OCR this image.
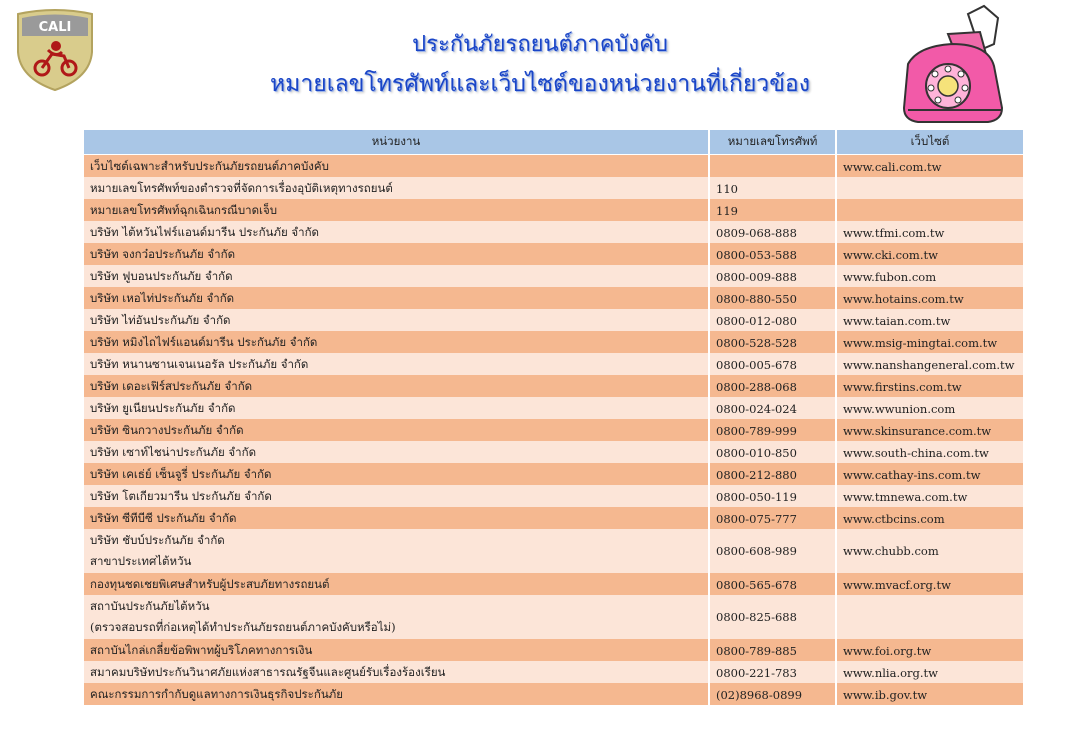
CALI
ประกันภัยรถยนต์ภาคบังคับ
หมายเลขโทรศัพท์และเว็บไซต์ของหน่วยงานที่เกี่ยวข้อง
หน่วยงาน	หมายเลขโทรศัพท์	เว็บไซต์

เว็บไซต์เฉพาะสำหรับประกันภัยรถยนต์ภาคบังคับ		www.cali.com.tw

หมายเลขโทรศัพท์ของตำรวจที่จัดการเรื่องอุบัติเหตุทางรถยนต์	110	

หมายเลขโทรศัพท์ฉุกเฉินกรณีบาดเจ็บ	119	

บริษัท ไต้หวันไฟร์แอนด์มารีน ประกันภัย จำกัด	0809-068-888	www.tfmi.com.tw

บริษัท จงกว๋อประกันภัย จำกัด	0800-053-588	www.cki.com.tw

บริษัท ฟูบอนประกันภัย จำกัด	0800-009-888	www.fubon.com

บริษัท เหอไท่ประกันภัย จำกัด	0800-880-550	www.hotains.com.tw

บริษัท ไท่อันประกันภัย จำกัด	0800-012-080	www.taian.com.tw

บริษัท หมิงไถไฟร์แอนด์มารีน ประกันภัย จำกัด	0800-528-528	www.msig-mingtai.com.tw

บริษัท หนานซานเจนเนอรัล ประกันภัย จำกัด	0800-005-678	www.nanshangeneral.com.tw

บริษัท เดอะเฟิร์สประกันภัย จำกัด	0800-288-068	www.firstins.com.tw

บริษัท ยูเนียนประกันภัย จำกัด	0800-024-024	www.wwunion.com

บริษัท ซินกวางประกันภัย จำกัด	0800-789-999	www.skinsurance.com.tw

บริษัท เซาท์ไชน่าประกันภัย จำกัด	0800-010-850	www.south-china.com.tw

บริษัท เคเธ่ย์ เซ็นจูรี่ ประกันภัย จำกัด	0800-212-880	www.cathay-ins.com.tw

บริษัท โตเกียวมารีน ประกันภัย จำกัด	0800-050-119	www.tmnewa.com.tw

บริษัท ซีทีบีซี ประกันภัย จำกัด	0800-075-777	www.ctbcins.com

บริษัท ชับบ์ประกันภัย จำกัด
สาขาประเทศไต้หวัน	0800-608-989	www.chubb.com

กองทุนชดเชยพิเศษสำหรับผู้ประสบภัยทางรถยนต์	0800-565-678	www.mvacf.org.tw

สถาบันประกันภัยไต้หวัน
(ตรวจสอบรถที่ก่อเหตุได้ทำประกันภัยรถยนต์ภาคบังคับหรือไม่)	0800-825-688	

สถาบันไกล่เกลี่ยข้อพิพาทผู้บริโภคทางการเงิน	0800-789-885	www.foi.org.tw

สมาคมบริษัทประกันวินาศภัยแห่งสาธารณรัฐจีนและศูนย์รับเรื่องร้องเรียน	0800-221-783	www.nlia.org.tw

คณะกรรมการกำกับดูแลทางการเงินธุรกิจประกันภัย	(02)8968-0899	www.ib.gov.tw
